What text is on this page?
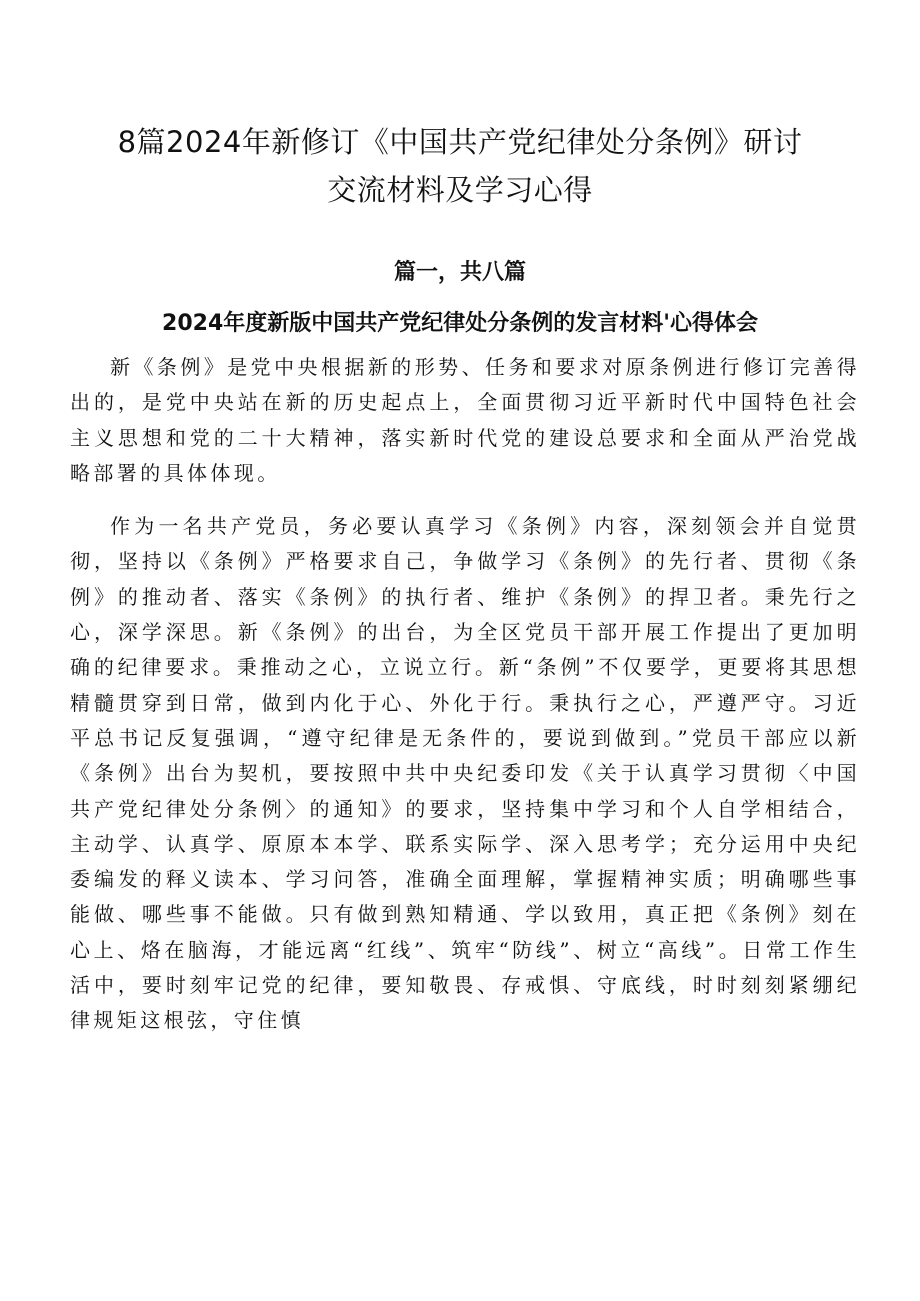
8篇2024年新修订《中国共产党纪律处分条例》研讨
交流材料及学习心得
篇一，共八篇
2024年度新版中国共产党纪律处分条例的发言材料'心得体会

新《条例》是党中央根据新的形势、任务和要求对原条例进行修订完善得出的，是党中央站在新的历史起点上，全面贯彻习近平新时代中国特色社会主义思想和党的二十大精神，落实新时代党的建设总要求和全面从严治党战略部署的具体体现。

作为一名共产党员，务必要认真学习《条例》内容，深刻领会并自觉贯彻，坚持以《条例》严格要求自己，争做学习《条例》的先行者、贯彻《条例》的推动者、落实《条例》的执行者、维护《条例》的捍卫者。秉先行之心，深学深思。新《条例》的出台，为全区党员干部开展工作提出了更加明确的纪律要求。秉推动之心，立说立行。新“条例”不仅要学，更要将其思想精髓贯穿到日常，做到内化于心、外化于行。秉执行之心，严遵严守。习近平总书记反复强调，“遵守纪律是无条件的，要说到做到。”党员干部应以新《条例》出台为契机，要按照中共中央纪委印发《关于认真学习贯彻〈中国共产党纪律处分条例〉的通知》的要求，坚持集中学习和个人自学相结合，主动学、认真学、原原本本学、联系实际学、深入思考学；充分运用中央纪委编发的释义读本、学习问答，准确全面理解，掌握精神实质；明确哪些事能做、哪些事不能做。只有做到熟知精通、学以致用，真正把《条例》刻在心上、烙在脑海，才能远离“红线”、筑牢“防线”、树立“高线”。日常工作生活中，要时刻牢记党的纪律，要知敬畏、存戒惧、守底线，时时刻刻紧绷纪律规矩这根弦，守住慎
